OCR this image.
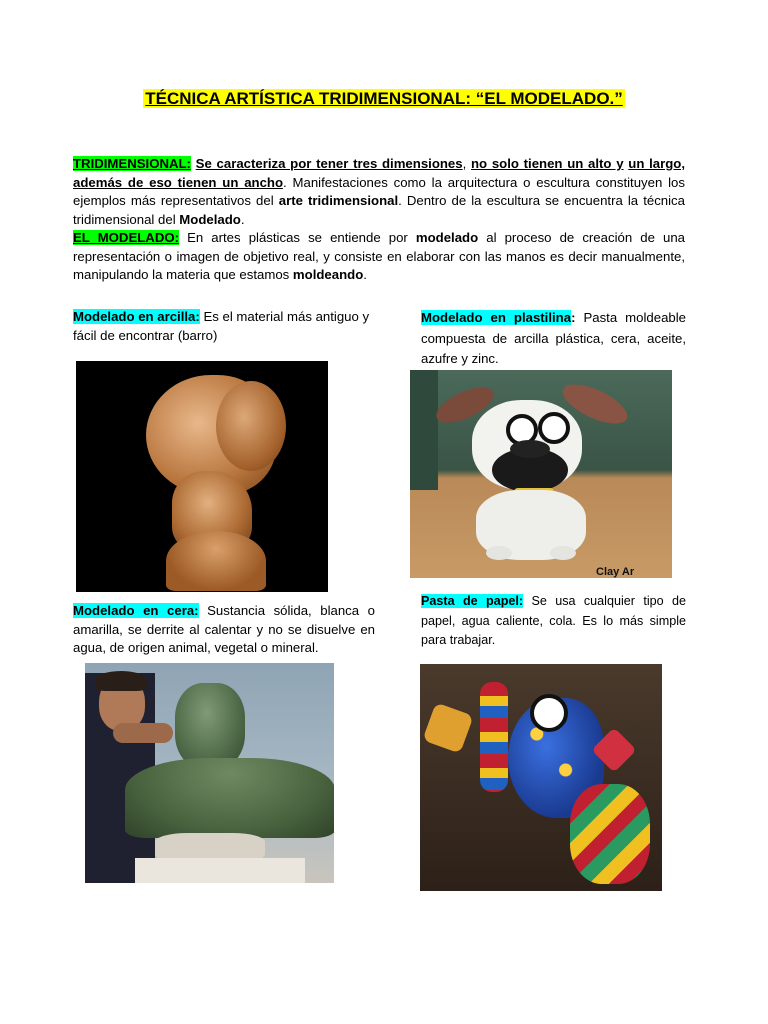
TÉCNICA ARTÍSTICA TRIDIMENSIONAL: “EL MODELADO.”
TRIDIMENSIONAL: Se caracteriza por tener tres dimensiones, no solo tienen un alto y un largo, además de eso tienen un ancho. Manifestaciones como la arquitectura o escultura constituyen los ejemplos más representativos del arte tridimensional. Dentro de la escultura se encuentra la técnica tridimensional del Modelado.
EL MODELADO: En artes plásticas se entiende por modelado al proceso de creación de una representación o imagen de objetivo real, y consiste en elaborar con las manos es decir manualmente, manipulando la materia que estamos moldeando.
Modelado en arcilla: Es el material más antiguo y fácil de encontrar (barro)
Modelado en plastilina: Pasta moldeable compuesta de arcilla plástica, cera, aceite, azufre y zinc.
Clay Ar
Modelado en cera: Sustancia sólida, blanca o amarilla, se derrite al calentar y no se disuelve en agua, de origen animal, vegetal o mineral.
Pasta de papel: Se usa cualquier tipo de papel, agua caliente, cola. Es lo más simple para trabajar.
